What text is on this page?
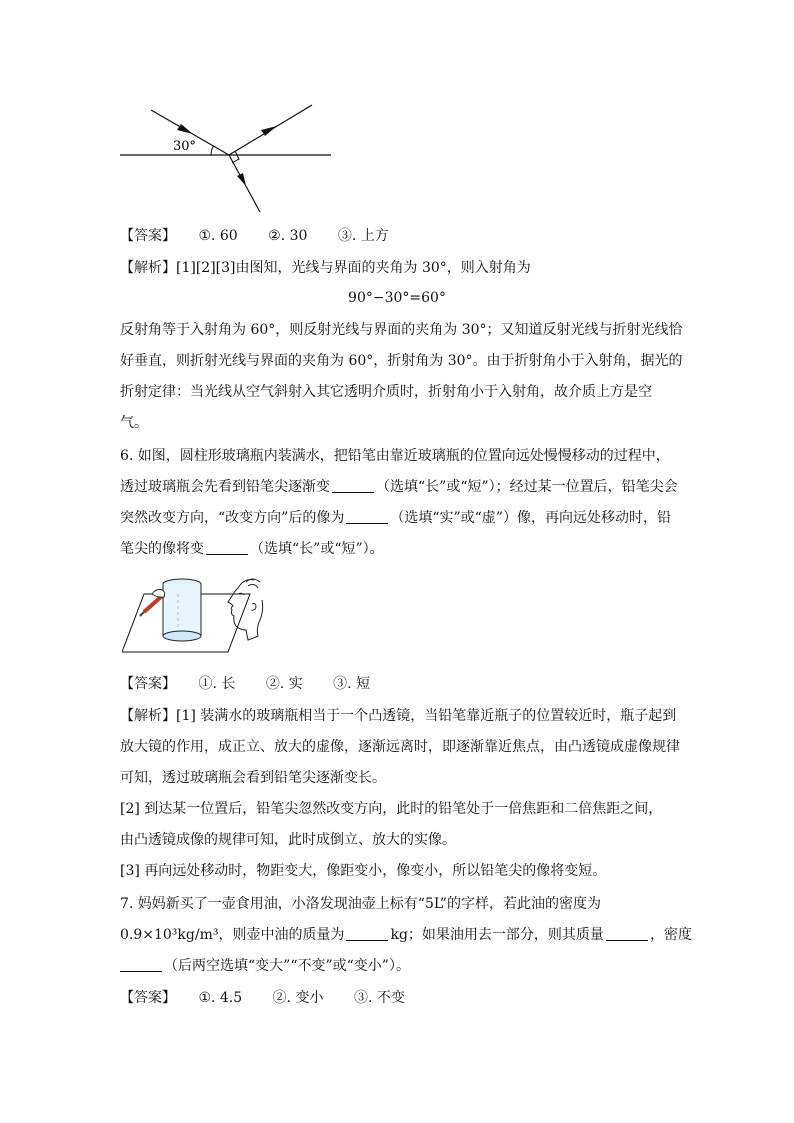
30°
【答案】 ①. 60 ②. 30 ③. 上方
【解析】[1][2][3]由图知，光线与界面的夹角为 30°，则入射角为
90°−30°=60°
反射角等于入射角为 60°，则反射光线与界面的夹角为 30°；又知道反射光线与折射光线恰
好垂直，则折射光线与界面的夹角为 60°，折射角为 30°。由于折射角小于入射角，据光的
折射定律：当光线从空气斜射入其它透明介质时，折射角小于入射角，故介质上方是空
气。
6. 如图，圆柱形玻璃瓶内装满水，把铅笔由靠近玻璃瓶的位置向远处慢慢移动的过程中，
透过玻璃瓶会先看到铅笔尖逐渐变	（选填“长”或“短”）；经过某一位置后，铅笔尖会
突然改变方向，“改变方向”后的像为	（选填“实”或“虚”）像，再向远处移动时，铅
笔尖的像将变	（选填“长”或“短”）。
【答案】 ①. 长 ②. 实 ③. 短
【解析】[1] 装满水的玻璃瓶相当于一个凸透镜，当铅笔靠近瓶子的位置较近时，瓶子起到
放大镜的作用，成正立、放大的虚像，逐渐远离时，即逐渐靠近焦点，由凸透镜成虚像规律
可知，透过玻璃瓶会看到铅笔尖逐渐变长。
[2] 到达某一位置后，铅笔尖忽然改变方向，此时的铅笔处于一倍焦距和二倍焦距之间，
由凸透镜成像的规律可知，此时成倒立、放大的实像。
[3] 再向远处移动时，物距变大，像距变小，像变小，所以铅笔尖的像将变短。
7. 妈妈新买了一壶食用油，小洛发现油壶上标有“5L”的字样，若此油的密度为
0.9×10³kg/m³，则壶中油的质量为	kg；如果油用去一部分，则其质量	，密度
（后两空选填“变大”“不变”或“变小”）。
【答案】 ①. 4.5 ②. 变小 ③. 不变
